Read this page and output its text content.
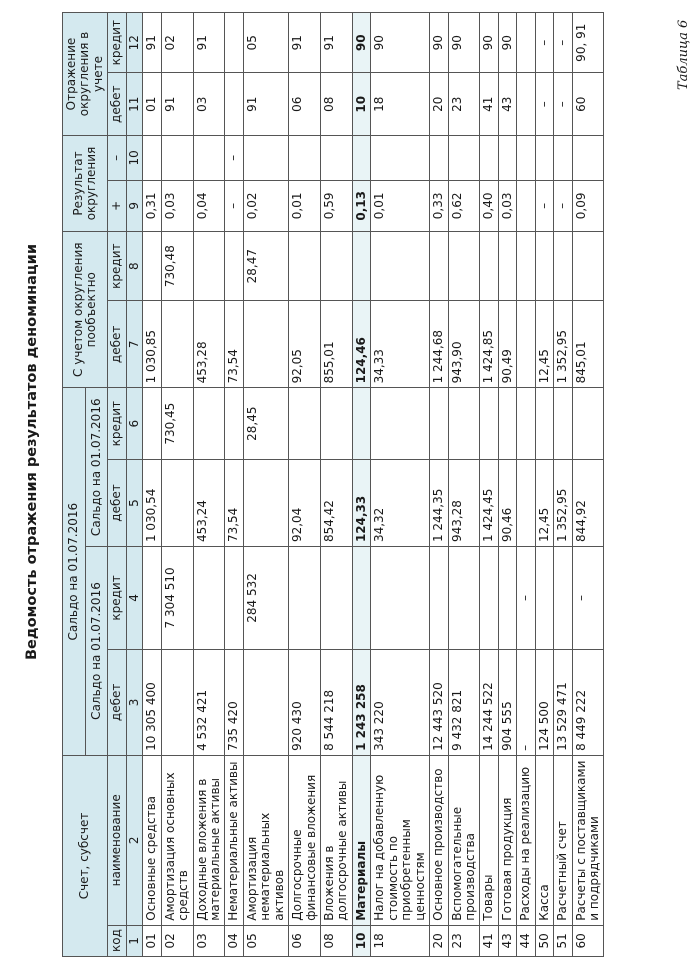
Таблица 6
Ведомость отражения результатов деноминации
Счет, субсчет		Сальдо на 01.07.2016				С учетом округления пообъектно		Результат округления		Отражение округления в учете	
		Сальдо на 01.07.2016		Сальдо на 01.07.2016							
код	наименование	дебет	кредит	дебет	кредит	дебет	кредит	+	–	дебет	кредит
1	2	3	4	5	6	7	8	9	10	11	12
01	Основные средства	10 305 400		1 030,54		1 030,85		0,31		01	91
02	Амортизация основных средств		7 304 510		730,45		730,48	0,03		91	02
03	Доходные вложения в материальные активы	4 532 421		453,24		453,28		0,04		03	91
04	Нематериальные активы	735 420		73,54		73,54		–	–		
05	Амортизация нематериальных активов		284 532		28,45		28,47	0,02		91	05
06	Долгосрочные финансовые вложения	920 430		92,04		92,05		0,01		06	91
08	Вложения в долгосрочные активы	8 544 218		854,42		855,01		0,59		08	91
10	Материалы	1 243 258		124,33		124,46		0,13		10	90
18	Налог на добавленную стоимость по приобретенным ценностям	343 220		34,32		34,33		0,01		18	90
20	Основное производство	12 443 520		1 244,35		1 244,68		0,33		20	90
23	Вспомогательные производства	9 432 821		943,28		943,90		0,62		23	90
41	Товары	14 244 522		1 424,45		1 424,85		0,40		41	90
43	Готовая продукция	904 555		90,46		90,49		0,03		43	90
44	Расходы на реализацию	–	–								
50	Касса	124 500		12,45		12,45		–		–	–
51	Расчетный счет	13 529 471		1 352,95		1 352,95		–		–	–
60	Расчеты с поставщиками и подрядчиками	8 449 222	–	844,92		845,01		0,09		60	90, 91
